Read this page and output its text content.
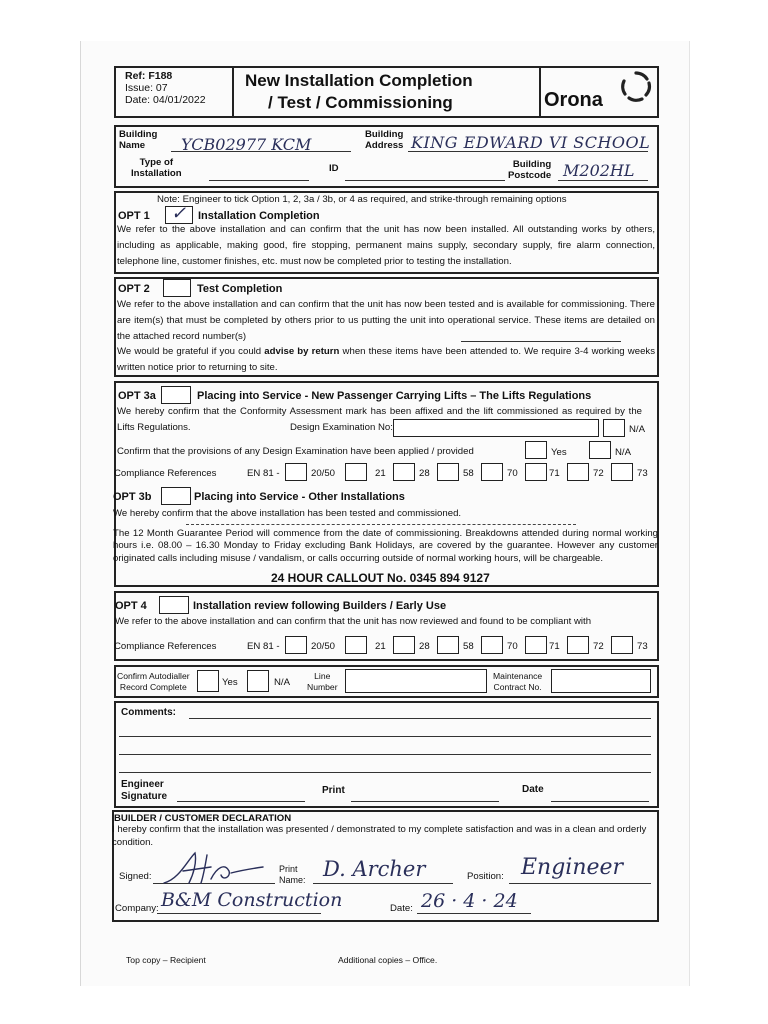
Ref: F188
Issue: 07
Date: 04/01/2022
New Installation Completion
/ Test / Commissioning	Orona
Building
Name	YCB02977 KCM
Building
Address KING EDWARD VI SCHOOL
Type of
Installation	ID	Building
Postcode M202HL
Note: Engineer to tick Option 1, 2, 3a / 3b, or 4 as required, and strike-through remaining options
OPT 1 ✓ Installation Completion
We refer to the above installation and can confirm that the unit has now been installed. All outstanding works by others, including as applicable, making good, fire stopping, permanent mains supply, secondary supply, fire alarm connection, telephone line, customer finishes, etc. must now be completed prior to testing the installation.
OPT 2	Test Completion
We refer to the above installation and can confirm that the unit has now been tested and is available for commissioning. There are item(s) that must be completed by others prior to us putting the unit into operational service. These items are detailed on the attached record number(s)
We would be grateful if you could advise by return when these items have been attended to. We require 3-4 working weeks written notice prior to returning to site.
OPT 3a	Placing into Service - New Passenger Carrying Lifts – The Lifts Regulations
We hereby confirm that the Conformity Assessment mark has been affixed and the lift commissioned as required by the Lifts Regulations.	Design Examination No:	N/A
Confirm that the provisions of any Design Examination have been applied / provided	Yes	N/A
Compliance References	EN 81 -	20/50	21	28	58	70	71	72	73
OPT 3b	Placing into Service - Other Installations
We hereby confirm that the above installation has been tested and commissioned.
The 12 Month Guarantee Period will commence from the date of commissioning. Breakdowns attended during normal working hours i.e. 08.00 – 16.30 Monday to Friday excluding Bank Holidays, are covered by the guarantee. However any customer originated calls including misuse / vandalism, or calls occurring outside of normal working hours, will be chargeable.
24 HOUR CALLOUT No. 0345 894 9127
OPT 4	Installation review following Builders / Early Use
We refer to the above installation and can confirm that the unit has now reviewed and found to be compliant with
Compliance References	EN 81 -	20/50	21	28	58	70	71	72	73
Confirm Autodialler
Record Complete	Yes	N/A
Line
Number
Maintenance
Contract No.
Comments:
Engineer
Signature
Print	Date
BUILDER / CUSTOMER DECLARATION
I hereby confirm that the installation was presented / demonstrated to my complete satisfaction and was in a clean and orderly condition.
Signed:
Print
Name: D. Archer	Position: Engineer
Company: B&M Construction	Date: 26 · 4 · 24
Top copy – Recipient	Additional copies – Office.
